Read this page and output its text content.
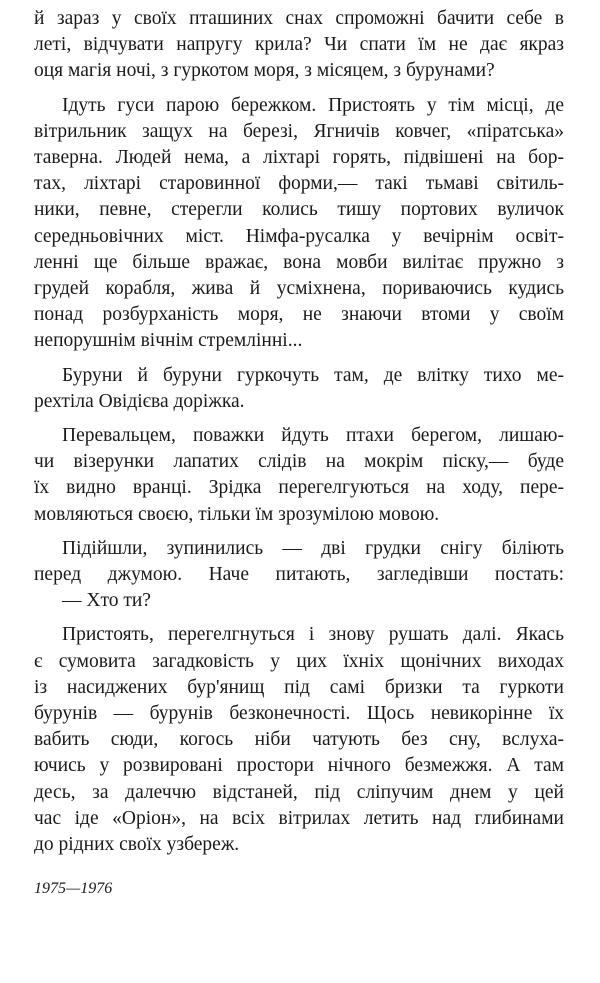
й зараз у своїх пташиних снах спроможні бачити себе в
леті, відчувати напругу крила? Чи спати їм не дає якраз
оця магія ночі, з гуркотом моря, з місяцем, з бурунами?
Ідуть гуси парою бережком. Пристоять у тім місці, де
вітрильник защух на березі, Ягничів ковчег, «піратська»
таверна. Людей нема, а ліхтарі горять, підвішені на бор-
тах, ліхтарі старовинної форми,— такі тьмаві світиль-
ники, певне, стерегли колись тишу портових вуличок
середньовічних міст. Німфа-русалка у вечірнім освіт-
ленні ще більше вражає, вона мовби вилітає пружно з
грудей корабля, жива й усміхнена, пориваючись кудись
понад розбурханість моря, не знаючи втоми у своїм
непорушнім вічнім стремлінні...
Буруни й буруни гуркочуть там, де влітку тихо ме-
рехтіла Овідієва доріжка.
Перевальцем, поважки йдуть птахи берегом, лишаю-
чи візерунки лапатих слідів на мокрім піску,— буде
їх видно вранці. Зрідка перегелгуються на ходу, пере-
мовляються своєю, тільки їм зрозумілою мовою.
Підійшли, зупинились — дві грудки снігу біліють
перед джумою. Наче питають, загледівши постать:
— Хто ти?
Пристоять, перегелгнуться і знову рушать далі. Якась
є сумовита загадковість у цих їхніх щонічних виходах
із насиджених бур'янищ під самі бризки та гуркоти
бурунів — бурунів безконечності. Щось невикорінне їх
вабить сюди, когось ніби чатують без сну, вслуха-
ючись у розвировані простори нічного безмежжя. А там
десь, за далеччю відстаней, під сліпучим днем у цей
час іде «Оріон», на всіх вітрилах летить над глибинами
до рідних своїх узбереж.
1975—1976
